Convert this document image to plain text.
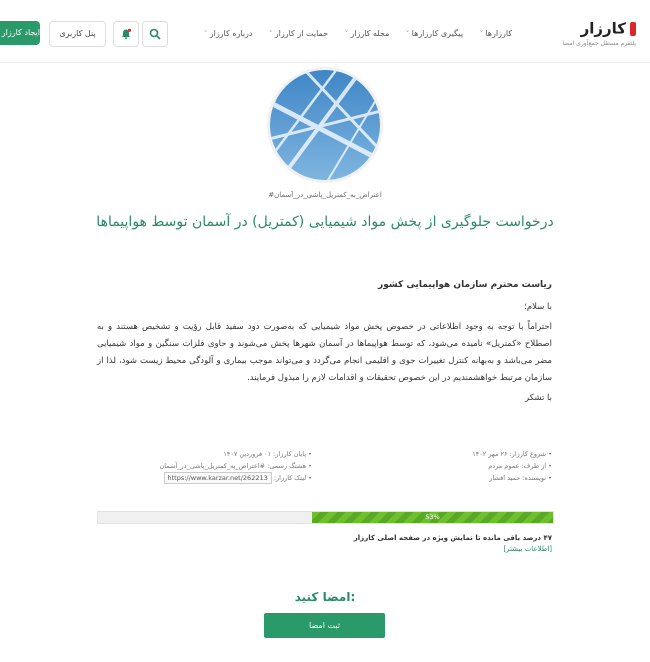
کارزار
پلتفرم مستقل جمع‌آوری امضا
کارزارها ˅ پیگیری کارزارها ˅ مجله کارزار ˅ حمایت از کارزار ˅ درباره کارزار ˅
پنل کاربری
ایجاد کارزار
#اعتراض_به_کمتریل_پاشی_در_آسمان
درخواست جلوگیری از پخش مواد شیمیایی (کمتریل) در آسمان توسط هواپیماها
ریاست محترم سازمان هواپیمایی کشور
با سلام؛
احتراماً با توجه به وجود اطلاعاتی در خصوص پخش مواد شیمیایی که به‌صورت دود سفید قابل رؤیت و تشخیص هستند و به اصطلاح «کمتریل» نامیده می‌شود، که توسط هواپیماها در آسمان شهرها پخش می‌شوند و حاوی فلزات سنگین و مواد شیمیایی مضر می‌باشد و به‌بهانه کنترل تغییرات جوی و اقلیمی انجام می‌گردد و می‌تواند موجب بیماری و آلودگی محیط زیست شود، لذا از سازمان مرتبط خواهشمندیم در این خصوص تحقیقات و اقدامات لازم را مبذول فرمایند.
با تشکر
• شروع کارزار: ۲۶ مهر ۱۴۰۲
• از طرف: عموم مردم
• نویسنده: حمید افشار
• پایان کارزار: ۰۱ فروردین ۱۴۰۷
• هشتگ رسمی: #اعتراض_به_کمتریل_پاشی_در_آسمان
• لینک کارزار: https://www.karzar.net/262213
53%
۴۷ درصد باقی مانده تا نمایش ویژه در صفحه اصلی کارزار
[اطلاعات بیشتر]
امضا کنید:
ثبت امضا
